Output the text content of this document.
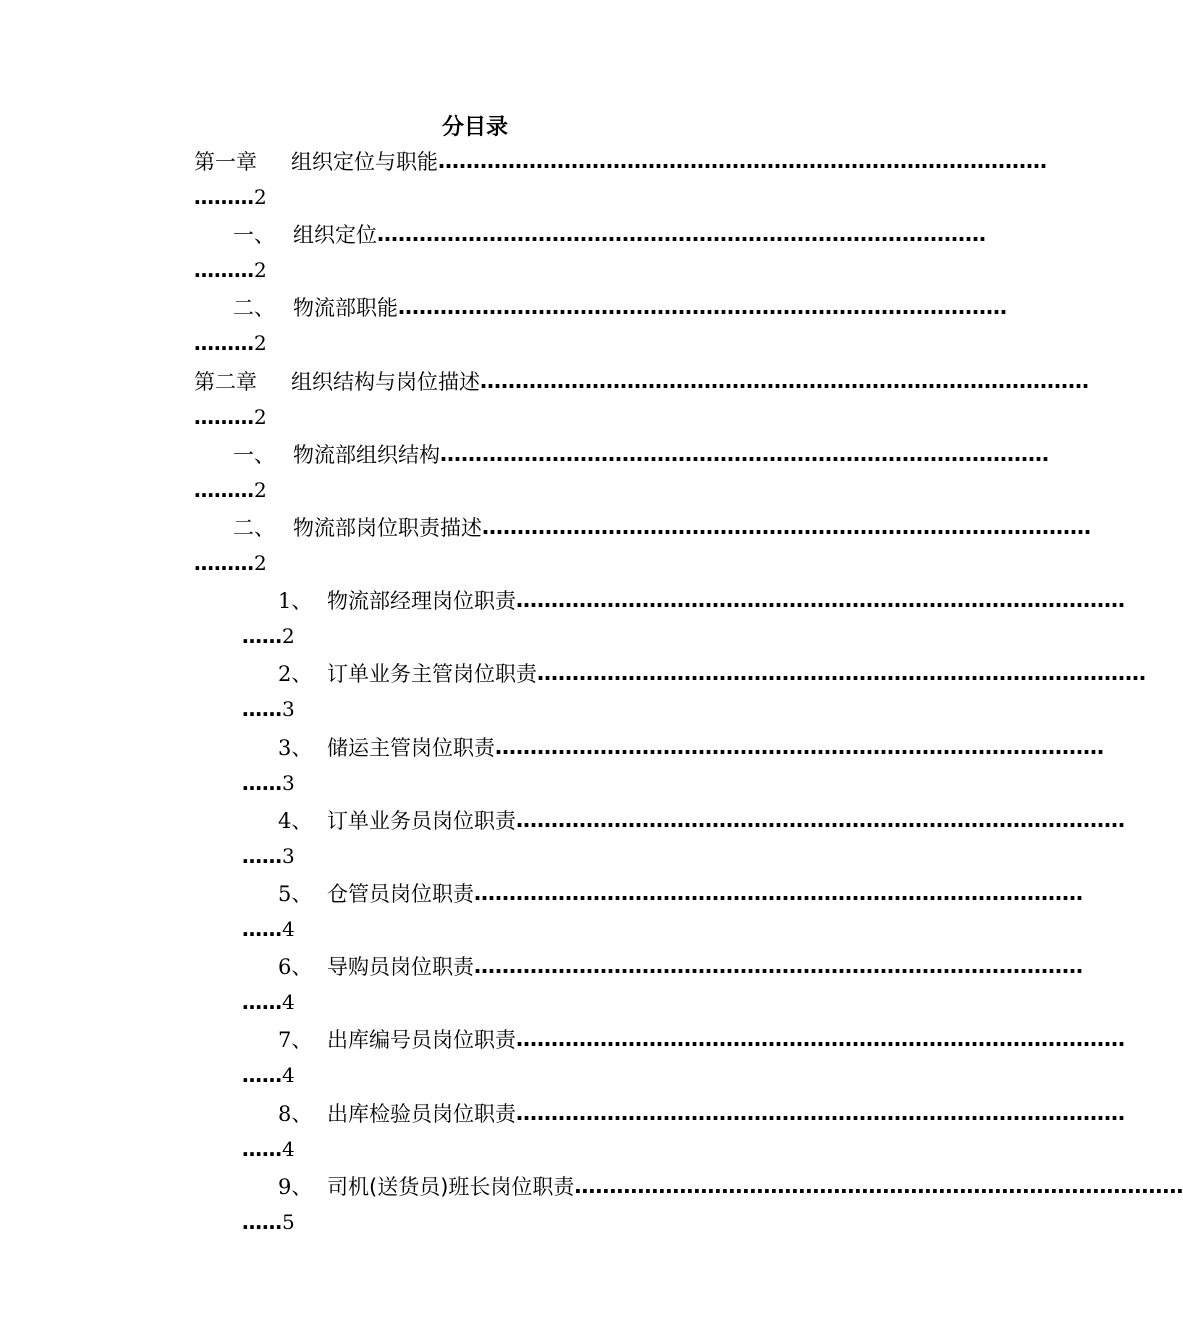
分目录
第一章	组织定位与职能 ……………………………………………………………………………
……… 2
一、 组织定位 ……………………………………………………………………………
……… 2
二、 物流部职能 ……………………………………………………………………………
……… 2
第二章	组织结构与岗位描述 ……………………………………………………………………………
……… 2
一、 物流部组织结构 ……………………………………………………………………………
……… 2
二、 物流部岗位职责描述 ……………………………………………………………………………
……… 2
1、 物流部经理岗位职责 ……………………………………………………………………………
…… 2
2、 订单业务主管岗位职责 ……………………………………………………………………………
…… 3
3、 储运主管岗位职责 ……………………………………………………………………………
…… 3
4、 订单业务员岗位职责 ……………………………………………………………………………
…… 3
5、 仓管员岗位职责 ……………………………………………………………………………
…… 4
6、 导购员岗位职责 ……………………………………………………………………………
…… 4
7、 出库编号员岗位职责 ……………………………………………………………………………
…… 4
8、 出库检验员岗位职责 ……………………………………………………………………………
…… 4
9、 司机(送货员)班长岗位职责 ……………………………………………………………………………
…… 5
